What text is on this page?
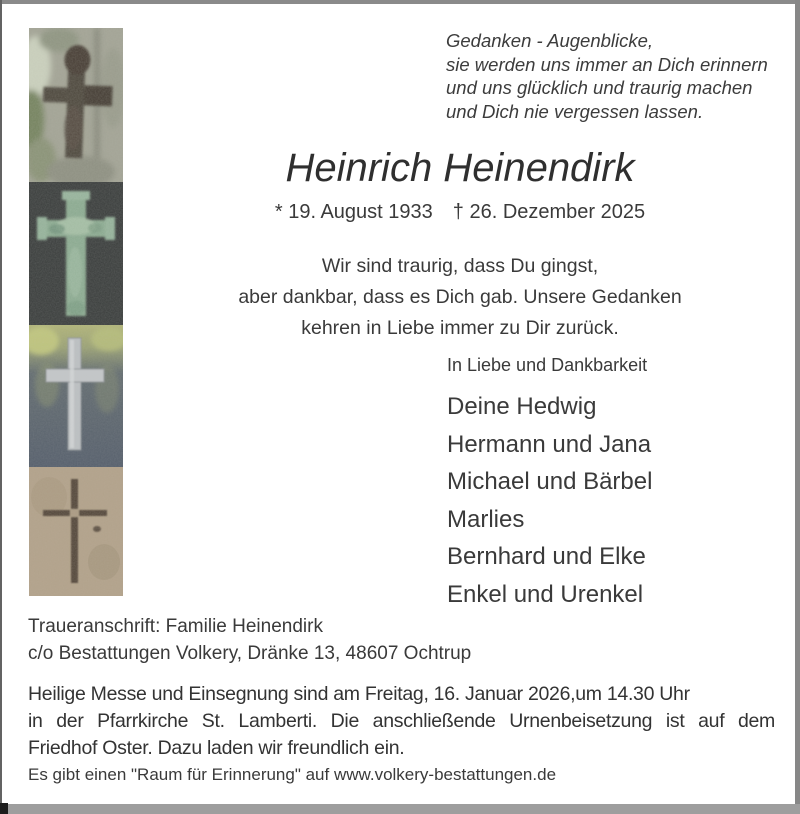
Gedanken - Augenblicke,
sie werden uns immer an Dich erinnern
und uns glücklich und traurig machen
und Dich nie vergessen lassen.
Heinrich Heinendirk
* 19. August 1933 † 26. Dezember 2025
Wir sind traurig, dass Du gingst,
aber dankbar, dass es Dich gab. Unsere Gedanken
kehren in Liebe immer zu Dir zurück.
In Liebe und Dankbarkeit
Deine Hedwig
Hermann und Jana
Michael und Bärbel
Marlies
Bernhard und Elke
Enkel und Urenkel
Traueranschrift: Familie Heinendirk
c/o Bestattungen Volkery, Dränke 13, 48607 Ochtrup
Heilige Messe und Einsegnung sind am Freitag, 16. Januar 2026,um 14.30 Uhr
in der Pfarrkirche St. Lamberti. Die anschließende Urnenbeisetzung ist auf dem
Friedhof Oster. Dazu laden wir freundlich ein.
Es gibt einen "Raum für Erinnerung" auf www.volkery-bestattungen.de
